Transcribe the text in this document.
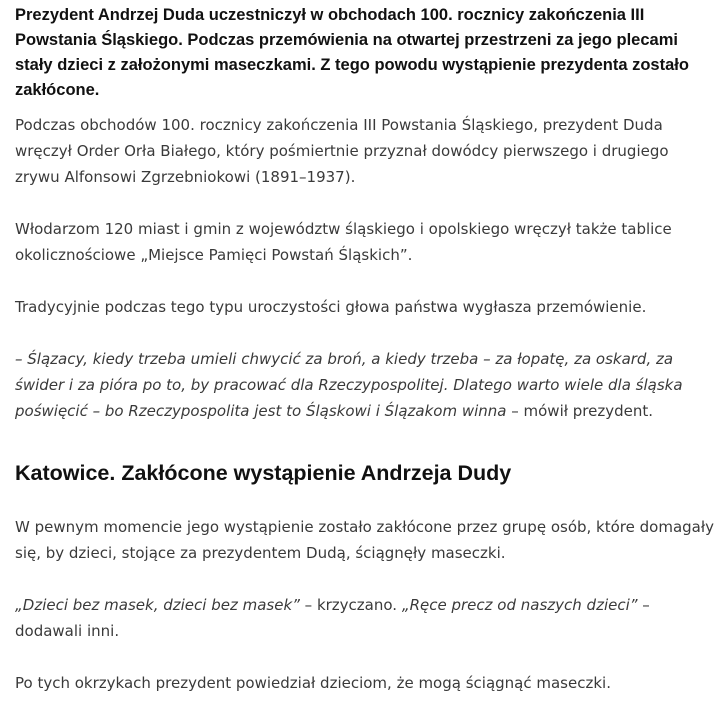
Prezydent Andrzej Duda uczestniczył w obchodach 100. rocznicy zakończenia III Powstania Śląskiego. Podczas przemówienia na otwartej przestrzeni za jego plecami stały dzieci z założonymi maseczkami. Z tego powodu wystąpienie prezydenta zostało zakłócone.

Podczas obchodów 100. rocznicy zakończenia III Powstania Śląskiego, prezydent Duda wręczył Order Orła Białego, który pośmiertnie przyznał dowódcy pierwszego i drugiego zrywu Alfonsowi Zgrzebniokowi (1891–1937).

Włodarzom 120 miast i gmin z województw śląskiego i opolskiego wręczył także tablice okolicznościowe „Miejsce Pamięci Powstań Śląskich”.

Tradycyjnie podczas tego typu uroczystości głowa państwa wygłasza przemówienie.

– Ślązacy, kiedy trzeba umieli chwycić za broń, a kiedy trzeba – za łopatę, za oskard, za świder i za pióra po to, by pracować dla Rzeczypospolitej. Dlatego warto wiele dla śląska poświęcić – bo Rzeczypospolita jest to Śląskowi i Ślązakom winna – mówił prezydent.

Katowice. Zakłócone wystąpienie Andrzeja Dudy

W pewnym momencie jego wystąpienie zostało zakłócone przez grupę osób, które domagały się, by dzieci, stojące za prezydentem Dudą, ściągnęły maseczki.

„Dzieci bez masek, dzieci bez masek” – krzyczano. „Ręce precz od naszych dzieci” – dodawali inni.

Po tych okrzykach prezydent powiedział dzieciom, że mogą ściągnąć maseczki.
